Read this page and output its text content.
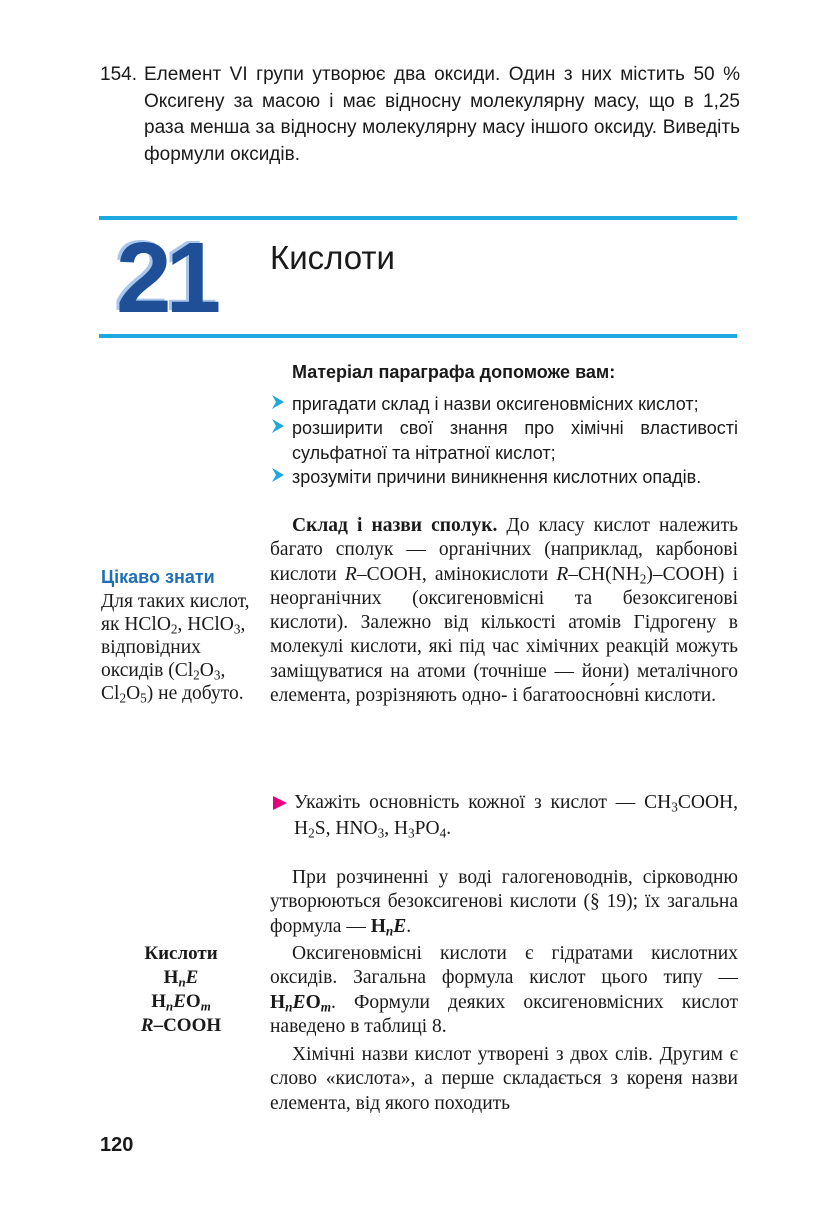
154. Елемент VI групи утворює два оксиди. Один з них містить 50 % Оксигену за масою і має відносну молекулярну масу, що в 1,25 раза менша за відносну молекулярну масу іншого оксиду. Виведіть формули оксидів.
21 Кислоти
Матеріал параграфа допоможе вам:
пригадати склад і назви оксигеновмісних кислот;
розширити свої знання про хімічні властивості сульфатної та нітратної кислот;
зрозуміти причини виникнення кислотних опадів.
Склад і назви сполук. До класу кислот належить багато сполук — органічних (наприклад, карбонові кислоти R–COOH, амінокислоти $R-CH(NH_2)-COOH$) і неорганічних (оксигеновмісні та безоксигенові кислоти). Залежно від кількості атомів Гідрогену в молекулі кислоти, які під час хімічних реакцій можуть заміщуватися на атоми (точніше — йони) металічного елемента, розрізняють одно- і багатоосно́вні кислоти.
Укажіть основність кожної з кислот — $CH_3COOH$, $H_2S$, $HNO_3$, $H_3PO_4$.
При розчиненні у воді галогеноводнів, сірководню утворюються безоксигенові кислоти (§ 19); їх загальна формула — $H_nE$.
Оксигеновмісні кислоти є гідратами кислотних оксидів. Загальна формула кислот цього типу — $H_nEO_m$. Формули деяких оксигеновмісних кислот наведено в таблиці 8.
Хімічні назви кислот утворені з двох слів. Другим є слово «кислота», а перше складається з кореня назви елемента, від якого походить
Цікаво знати
Для таких кислот, як HClO$_2$, HClO$_3$, відповідних оксидів ($Cl_2O_3$, $Cl_2O_5$) не добуто.
Кислоти
$H_nE$
$H_nEO_m$
R–COOH
120
